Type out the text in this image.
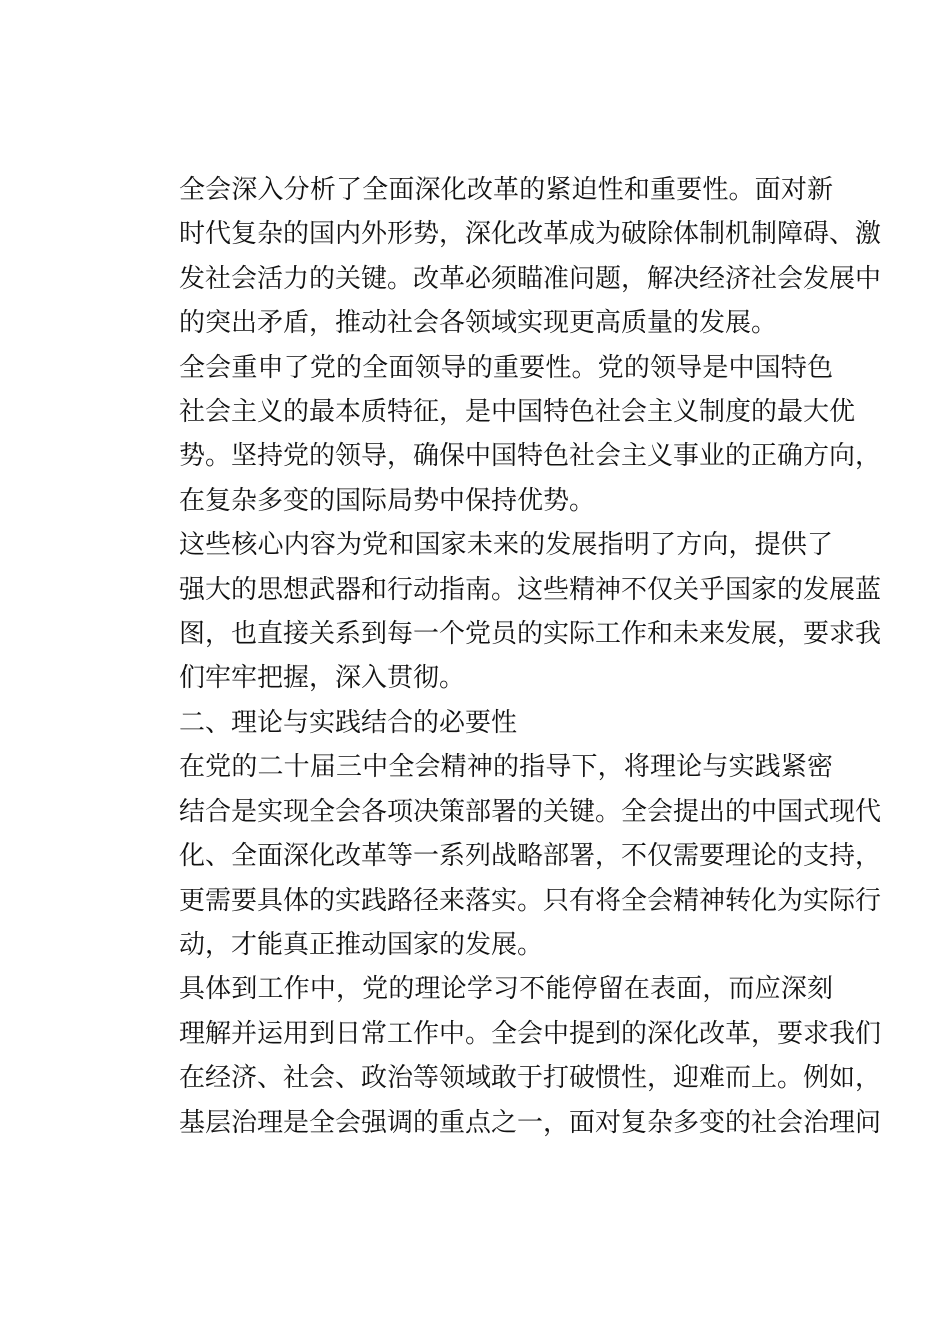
全会深入分析了全面深化改革的紧迫性和重要性。面对新
时代复杂的国内外形势，深化改革成为破除体制机制障碍、激
发社会活力的关键。改革必须瞄准问题，解决经济社会发展中
的突出矛盾，推动社会各领域实现更高质量的发展。

全会重申了党的全面领导的重要性。党的领导是中国特色
社会主义的最本质特征，是中国特色社会主义制度的最大优
势。坚持党的领导，确保中国特色社会主义事业的正确方向，
在复杂多变的国际局势中保持优势。

这些核心内容为党和国家未来的发展指明了方向，提供了
强大的思想武器和行动指南。这些精神不仅关乎国家的发展蓝
图，也直接关系到每一个党员的实际工作和未来发展，要求我
们牢牢把握，深入贯彻。

二、理论与实践结合的必要性

在党的二十届三中全会精神的指导下，将理论与实践紧密
结合是实现全会各项决策部署的关键。全会提出的中国式现代
化、全面深化改革等一系列战略部署，不仅需要理论的支持，
更需要具体的实践路径来落实。只有将全会精神转化为实际行
动，才能真正推动国家的发展。

具体到工作中，党的理论学习不能停留在表面，而应深刻
理解并运用到日常工作中。全会中提到的深化改革，要求我们
在经济、社会、政治等领域敢于打破惯性，迎难而上。例如，
基层治理是全会强调的重点之一，面对复杂多变的社会治理问
